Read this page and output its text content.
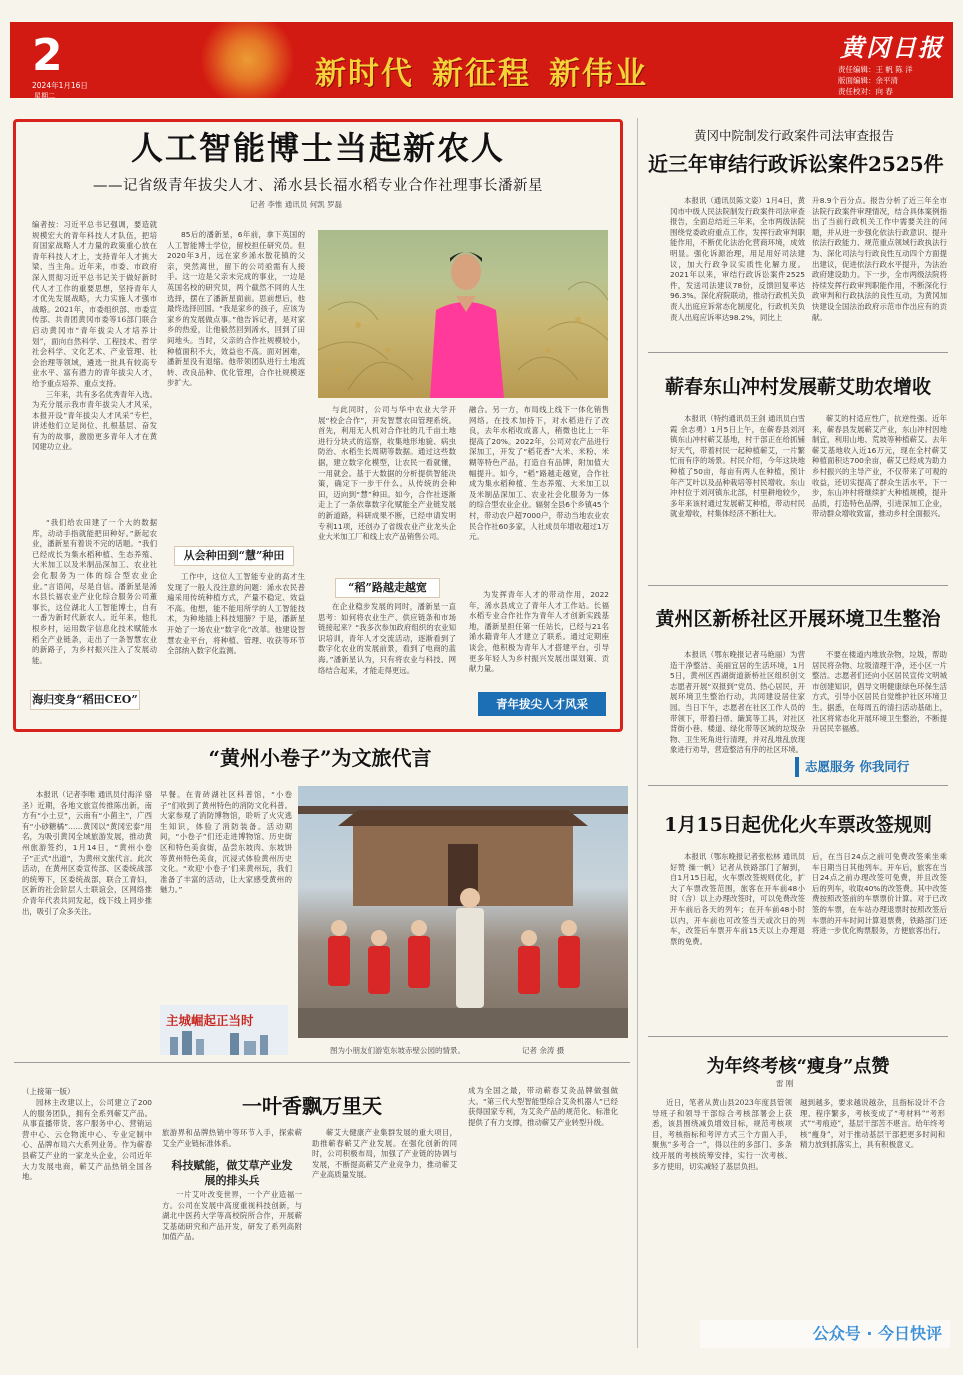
2
2024年1月16日	新时代 新征程 新伟业
黄冈日报
责任编辑：王 帆 陈 洋
版面编辑：余平清
责任校对：向 春
星期二
人工智能博士当起新农人
——记省级青年拔尖人才、浠水县长福水稻专业合作社理事长潘新星
记者 李惟 通讯员 何凯 罗磊

编者按：习近平总书记强调，要造就规模宏大的青年科技人才队伍，把培育国家战略人才力量的政策重心放在青年科技人才上，支持青年人才挑大梁、当主角。近年来，市委、市政府深入贯彻习近平总书记关于做好新时代人才工作的重要思想，坚持青年人才优先发展战略，大力实施人才强市战略。2021年，市委组织部、市委宣传部、共青团黄冈市委等16部门联合启动黄冈市“青年拔尖人才培养计划”，面向自然科学、工程技术、哲学社会科学、文化艺术、产业管理、社会治理等领域，遴选一批具有较高专业水平、富有潜力的青年拔尖人才，给予重点培养、重点支持。

三年来，共有多名优秀青年入选。为充分展示我市青年拔尖人才风采，本报开设“青年拔尖人才风采”专栏，讲述他们立足岗位、扎根基层、奋发有为的故事，激励更多青年人才在黄冈建功立业。

“我们给农田建了一个大的数据库，动动手指就能把田种好。”新起农业，潘新星有着说不完的话题。“我们已经成长为集水稻种植、生态养殖、大米加工以及米制品深加工、农业社会化服务为一体的综合型农业企业。”言语间，尽是自信。潘新星是浠水县长福农业产业化综合服务公司董事长，这位湖北人工智能博士，自有一番为新时代新农人。近年来，他扎根乡村，运用数字信息化技术赋能水稻全产业链条，走出了一条智慧农业的新路子，为乡村振兴注入了发展动能。

海归变身“稻田CEO”

85后的潘新星，6年前，拿下英国的人工智能博士学位，留校担任研究员。但2020年3月，远在家乡浠水散花镇的父亲，突然离世，留下的公司亟需有人接手。这一边是父亲未完成的事业，一边是英国名校的研究员，两个截然不同的人生选择，摆在了潘新星面前。思前想后，他最终选择回国。“我是家乡的孩子，应该为家乡的发展做点事。”他告诉记者，是对家乡的热爱，让他毅然回到浠水，回到了田间地头。当时，父亲的合作社规模较小，种植面积不大，效益也不高。面对困难，潘新星没有退缩。他带领团队进行土地流转、改良品种、优化管理，合作社规模逐步扩大。

从会种田到“慧”种田

工作中，这位人工智能专业的高才生发现了一般人没注意的问题：浠水农民普遍采用传统种植方式，产量不稳定、效益不高。他想，能不能用所学的人工智能技术，为种地插上科技翅膀？于是，潘新星开始了一场农业“数字化”改革。他建设智慧农业平台，将种植、管理、收获等环节全部纳入数字化监测。

与此同时，公司与华中农业大学开展“校企合作”，开发智慧农田管理系统。首先，利用无人机对合作社的几千亩土地进行分块式的巡察，收集地形地貌、病虫防治、水稻生长周期等数据。通过这些数据，建立数字化模型，让农民一看就懂，一用就会。基于大数据的分析提供智能决策，确定下一步干什么。从传统的会种田，迈向到“慧”种田。如今，合作社逐渐走上了一条依靠数字化赋能全产业链发展的新道路，科研成果不断，已经申请发明专利11项，还创办了省级农业产业龙头企业大米加工厂和线上农产品销售公司。

“稻”路越走越宽

在企业稳步发展的同时，潘新星一直思考：如何将农业生产、供应链条和市场链接起来？“我多次参加政府组织的农业知识培训，青年人才交流活动，逐渐看到了数字化农业的发展前景，看到了电商的蓝海。”潘新星认为，只有将农业与科技、网络结合起来，才能走得更远。

融合。另一方，布局线上线下一体化销售网络。在技术加持下，对水稻进行了改良，去年水稻收成喜人，稍微也比上一年提高了20%。2022年，公司对农产品进行深加工，开发了“稻花香”大米、米粉、米糊等特色产品，打造自有品牌，附加值大幅提升。如今，“稻”路越走越宽，合作社成为集水稻种植、生态养殖、大米加工以及米制品深加工、农业社会化服务为一体的综合型农业企业。辐射全县6个乡镇45个村，带动农户超7000户，带动当地农业农民合作社60多家，人社成员年增收超过1万元。

为发挥青年人才的带动作用，2022年，浠水县成立了青年人才工作站。长福水稻专业合作社作为青年人才创新实践基地，潘新星担任第一任站长，已经与21名浠水籍青年人才建立了联系。通过定期座谈会，他积极为青年人才搭建平台，引导更多年轻人为乡村振兴发展出谋划策、贡献力量。

青年拔尖人才风采
黄冈中院制发行政案件司法审查报告
近三年审结行政诉讼案件2525件

本报讯（通讯员陈文姿）1月4日，黄冈市中级人民法院制发行政案件司法审查报告，全面总结近三年来，全市两级法院围绕党委政府重点工作，发挥行政审判职能作用，不断优化法治化营商环境，成效明显。强化诉源治理，用足用好司法建议，加大行政争议实质性化解力度。2021年以来，审结行政诉讼案件2525件，发送司法建议78份，反馈回复率达96.3%。深化府院联动，推动行政机关负责人出庭应诉常态化制度化，行政机关负责人出庭应诉率达98.2%，同比上

升8.9个百分点。报告分析了近三年全市法院行政案件审理情况，结合具体案例指出了当前行政机关工作中需要关注的问题，并从进一步强化依法行政意识、提升依法行政能力、规范重点领域行政执法行为、深化司法与行政良性互动四个方面提出建议，促进依法行政水平提升，为法治政府建设助力。下一步，全市两级法院将持续发挥行政审判职能作用，不断深化行政审判和行政执法的良性互动，为黄冈加快建设全国法治政府示范市作出应有的贡献。

蕲春东山冲村发展蕲艾助农增收

本报讯（特约通讯员王剑 通讯员白雪霞 余志勇）1月5日上午，在蕲春县刘河镇东山冲村蕲艾基地，村干部正在给抓铺好天气，带着村民一起种植蕲艾，一片繁忙而有序的场景。村民介绍，今年这块地种植了50亩，每亩有两人在种植，预计年产艾叶以及品种栽培等村民增收。东山冲村位于刘河镇东北部，村里耕地较少，多年来该村通过发展蕲艾种植，带动村民就业增收，村集体经济不断壮大。

蕲艾的村适应性广，抗逆性强。近年来，蕲春县发展蕲艾产业，东山冲村因地制宜，利用山地、荒坡等种植蕲艾。去年蕲艾基地收入近16万元，现在全村蕲艾种植面积达700余亩，蕲艾已经成为助力乡村振兴的主导产业，不仅带来了可观的收益，还切实提高了群众生活水平。下一步，东山冲村将继续扩大种植规模，提升品质，打造特色品牌，引进深加工企业，带动群众增收致富，推动乡村全面振兴。

黄州区新桥社区开展环境卫生整治

本报讯（鄂东晚报记者马艳丽）为营造干净整洁、美丽宜居的生活环境，1月5日，黄州区西湖街道新桥社区组织创文志愿者开展“双报到”党员、热心居民，开展环境卫生整治行动，共同建设居住家园。当日下午，志愿者在社区工作人员的带领下，带着扫帚、簸箕等工具，对社区背街小巷、楼道、绿化带等区域的垃圾杂物、卫生死角进行清理，并对乱堆乱放现象进行劝导，营造整洁有序的社区环境。

不要在楼道内堆放杂物，垃圾，帮助居民将杂物、垃圾清理干净，还小区一片整洁。志愿者们还向小区居民宣传文明城市创建知识，倡导文明健康绿色环保生活方式，引导小区居民自觉维护社区环境卫生。据悉，在每周五的清扫活动基础上，社区将常态化开展环境卫生整治，不断提升居民幸福感。

志愿服务 你我同行
“黄州小卷子”为文旅代言

本报讯（记者李唯 通讯员付海洋 骆圣）近期，各地文旅宣传推陈出新，南方有“小土豆”，云南有“小菌主”，广西有“小砂糖橘”……黄冈以“黄冈宏泰”用名，为吸引黄冈全域旅游发展，推动黄州旅游签约，1月14日，“黄州小卷子”正式“出道”，为黄州文旅代言。此次活动，在黄州区委宣传部、区委统战部的统筹下，区委统战部，联合工青妇，区新的社会阶层人士联谊会，区网络推介青年代表共同发起，线下线上同步推出，吸引了众多关注。

早餐。在青砖湖社区科普馆，“小卷子”们收到了黄州特色的消防文化科普。大家参观了消防博物馆，聆听了火灾逃生知识，体验了消防装备。活动期间，“小卷子”们还走进博物馆、历史街区和特色美食街，品尝东坡肉、东坡饼等黄州特色美食，沉浸式体验黄州历史文化。“欢迎‘小卷子’们来黄州玩，我们准备了丰富的活动，让大家感受黄州的魅力。”

主城崛起正当时
图为小朋友们游览东坡赤壁公园的情景。	记者 余涛 摄
1月15日起优化火车票改签规则

本报讯（鄂东晚报记者张松林 通讯员好赞 操一帆）记者从铁路部门了解到，自1月15日起，火车票改签规则优化，扩大了车票改签范围，旅客在开车前48小时（含）以上办理改签时，可以免费改签开车前后各天的列车；在开车前48小时以内，开车前也可改签当天或次日的列车，改签后车票开车前15天以上办理退票的免费。

后，在当日24点之前可免费改签乘坐乘车日期当日其他列车。开车后，旅客在当日24点之前办理改签可免费，并且改签后的列车，收取40%的改签费。其中改签费按照改签前的车票票价计算。对于已改签的车票，在车站办理退票时按照改签后车票的开车时间计算退票费，铁路部门还将进一步优化购票服务，方便旅客出行。

（上接第一版）

园林主改建以上，公司建立了200人的服务团队，拥有全系列蕲艾产品。从事直播带货、客户服务中心、营销运营中心、云仓物流中心、专业定制中心、品牌布局六大系列业务。作为蕲春县蕲艾产业的一家龙头企业，公司近年大力发展电商，蕲艾产品热销全国各地。

一叶香飘万里天

旅游界和品牌热销中等环节入手，探索蕲艾全产业链标准体系。

科技赋能，做艾草产业发展的排头兵

一片艾叶改变世界，一个产业造福一方。公司在发展中高度重视科技创新，与湖北中医药大学等高校院所合作，开展蕲艾基础研究和产品开发，研发了系列高附加值产品。

蕲艾大健康产业集群发展的重大项目，助推蕲春蕲艾产业发展。在强化创新的同时，公司积极布局，加强了产业链的协调与发展，不断提高蕲艾产业竞争力，推动蕲艾产业高质量发展。

成为全国之最，带动蕲春艾灸品牌做强做大。“第三代大型智能型综合艾灸机器人”已经获得国家专利，为艾灸产品的规范化、标准化提供了有力支撑，推动蕲艾产业转型升级。

为年终考核“瘦身”点赞
雷 刚

近日，笔者从黄山县2023年度县管领导班子和领导干部综合考核部署会上获悉，该县围绕减负增效目标，规范考核项目，考核指标和考评方式三个方面入手，聚焦“多考合一”，得以往的多部门、多条线开展的考核统筹安排，实行一次考核、多方使用，切实减轻了基层负担。

越到越多，要求越说越杂，且指标设计不合理、程序繁多，考核变成了“考材料”“考形式”“考痕迹”，基层干部苦不堪言。给年终考核“瘦身”，对于推动基层干部把更多时间和精力放到抓落实上，具有积极意义。

公众号 · 今日快评
